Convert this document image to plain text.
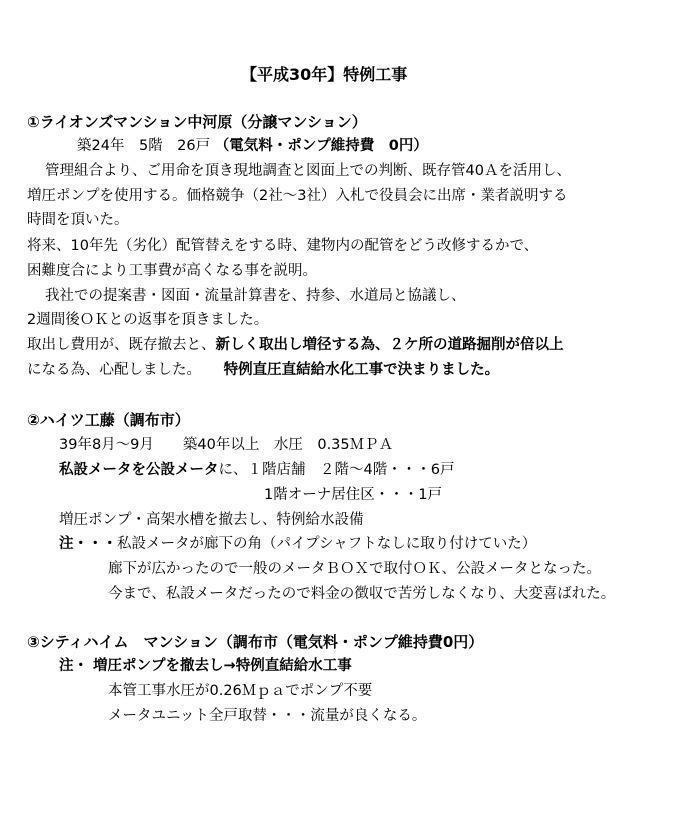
【平成30年】特例工事
①ライオンズマンション中河原（分譲マンション）
築24年　5階　26戸 （電気料・ポンプ維持費　0円）
管理組合より、ご用命を頂き現地調査と図面上での判断、既存管40Ａを活用し、
増圧ポンプを使用する。価格競争（2社〜3社）入札で役員会に出席・業者説明する
時間を頂いた。
将来、10年先（劣化）配管替えをする時、建物内の配管をどう改修するかで、
困難度合により工事費が高くなる事を説明。
我社での提案書・図面・流量計算書を、持参、水道局と協議し、
2週間後ＯＫとの返事を頂きました。
取出し費用が、既存撤去と、新しく取出し増径する為、２ケ所の道路掘削が倍以上
になる為、心配しました。 特例直圧直結給水化工事で決まりました。
②ハイツ工藤（調布市）
39年8月〜9月　　築40年以上　水圧　0.35ＭＰＡ
私設メータを公設メータに、１階店舗　２階〜4階・・・6戸
1階オーナ居住区・・・1戸
増圧ポンプ・高架水槽を撤去し、特例給水設備
注・・・私設メータが廊下の角（パイプシャフトなしに取り付けていた）
廊下が広かったので一般のメータＢＯＸで取付ＯＫ、公設メータとなった。
今まで、私設メータだったので料金の徴収で苦労しなくなり、大変喜ばれた。
③シティハイム　マンション（調布市（電気料・ポンプ維持費0円）
注・ 増圧ポンプを撤去し→特例直結給水工事
本管工事水圧が0.26Ｍｐａでポンプ不要
メータユニット全戸取替・・・流量が良くなる。
